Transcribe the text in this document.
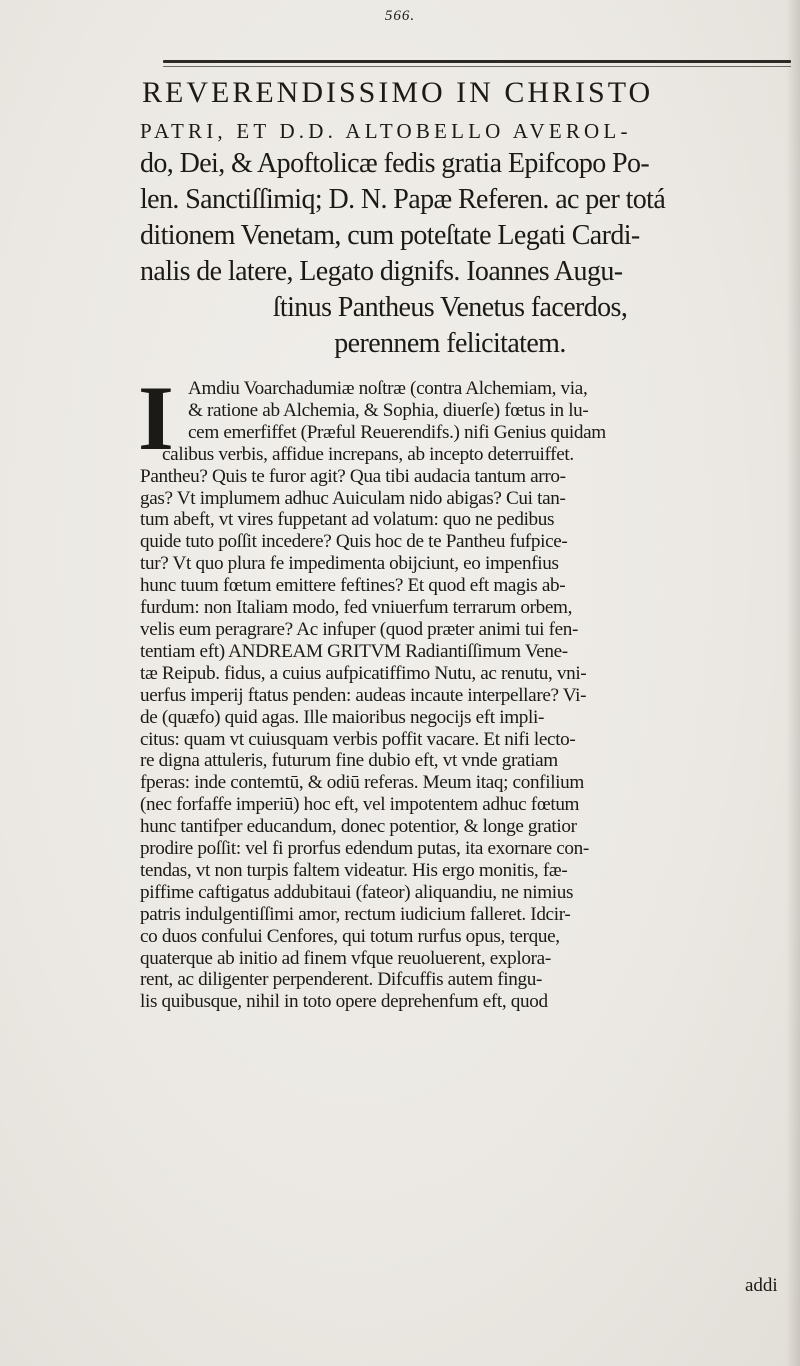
566.
REVERENDISSIMO IN CHRISTO
PATRI, ET D.D. ALTOBELLO AVEROL-
do, Dei, & Apoftolicæ fedis gratia Epifcopo Po-
len. Sanctiſſimiq; D. N. Papæ Referen. ac per totá
ditionem Venetam, cum poteſtate Legati Cardi-
nalis de latere, Legato dignifs. Ioannes Augu-
ſtinus Pantheus Venetus facerdos,
perennem felicitatem.
I Amdiu Voarchadumiæ noſtræ (contra Alchemiam, via,
& ratione ab Alchemia, & Sophia, diuerſe) fœtus in lu-
cem emerfiffet (Præful Reuerendifs.) nifi Genius quidam
calibus verbis, affidue increpans, ab incepto deterruiffet.
Pantheu? Quis te furor agit? Qua tibi audacia tantum arro-
gas? Vt implumem adhuc Auiculam nido abigas? Cui tan-
tum abeft, vt vires fuppetant ad volatum: quo ne pedibus
quide tuto poſſit incedere? Quis hoc de te Pantheu fufpice-
tur? Vt quo plura fe impedimenta obijciunt, eo impenfius
hunc tuum fœtum emittere feftines? Et quod eft magis ab-
furdum: non Italiam modo, fed vniuerfum terrarum orbem,
velis eum peragrare? Ac infuper (quod præter animi tui fen-
tentiam eft) ANDREAM GRITVM Radiantiſſimum Vene-
tæ Reipub. fidus, a cuius aufpicatiffimo Nutu, ac renutu, vni-
uerfus imperij ftatus penden: audeas incaute interpellare? Vi-
de (quæfo) quid agas. Ille maioribus negocijs eft impli-
citus: quam vt cuiusquam verbis poffit vacare. Et nifi lecto-
re digna attuleris, futurum fine dubio eft, vt vnde gratiam
fperas: inde contemtū, & odiū referas. Meum itaq; confilium
(nec forfaffe imperiū) hoc eft, vel impotentem adhuc fœtum
hunc tantifper educandum, donec potentior, & longe gratior
prodire poſſit: vel fi prorfus edendum putas, ita exornare con-
tendas, vt non turpis faltem videatur. His ergo monitis, fæ-
piffime caftigatus addubitaui (fateor) aliquandiu, ne nimius
patris indulgentiſſimi amor, rectum iudicium falleret. Idcir-
co duos confului Cenfores, qui totum rurfus opus, terque,
quaterque ab initio ad finem vfque reuoluerent, explora-
rent, ac diligenter perpenderent. Difcuffis autem fingu-
lis quibusque, nihil in toto opere deprehenfum eft, quod
addi
